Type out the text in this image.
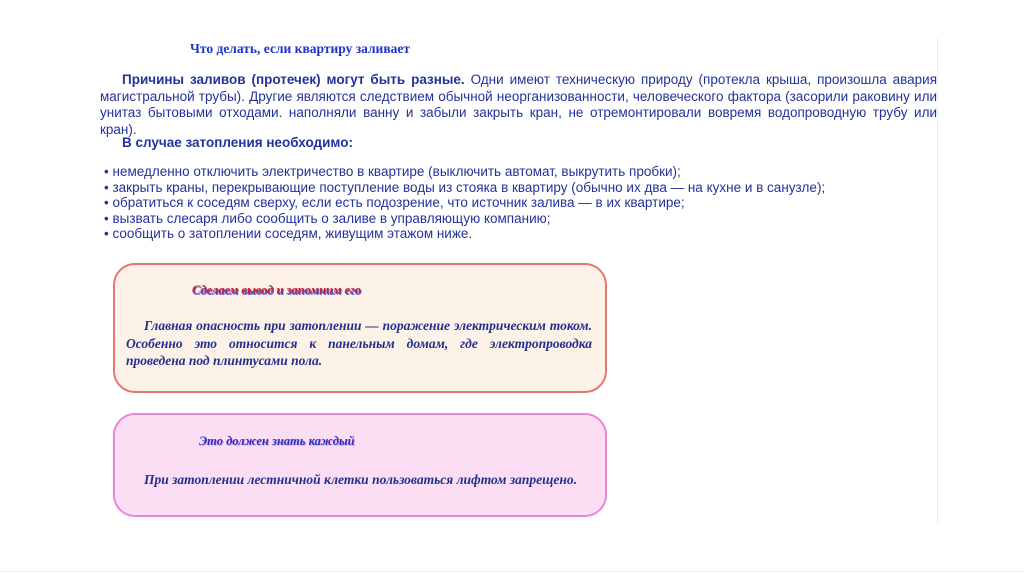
Что делать, если квартиру заливает

Причины заливов (протечек) могут быть разные. Одни имеют техническую природу (протекла крыша, произошла авария магистральной трубы). Другие являются следствием обычной неорганизованности, человеческого фактора (засорили раковину или унитаз бытовыми отходами. наполняли ванну и забыли закрыть кран, не отремонтировали вовремя водопроводную трубу или кран).

В случае затопления необходимо:

• немедленно отключить электричество в квартире (выключить автомат, выкрутить пробки);
• закрыть краны, перекрывающие поступление воды из стояка в квартиру (обычно их два — на кухне и в санузле);
• обратиться к соседям сверху, если есть подозрение, что источник залива — в их квартире;
• вызвать слесаря либо сообщить о заливе в управляющую компанию;
• сообщить о затоплении соседям, живущим этажом ниже.

Сделаем вывод и запомним его

Главная опасность при затоплении — поражение электрическим током. Особенно это относится к панельным домам, где электропроводка проведена под плинтусами пола.

Это должен знать каждый

При затоплении лестничной клетки пользоваться лифтом запрещено.
